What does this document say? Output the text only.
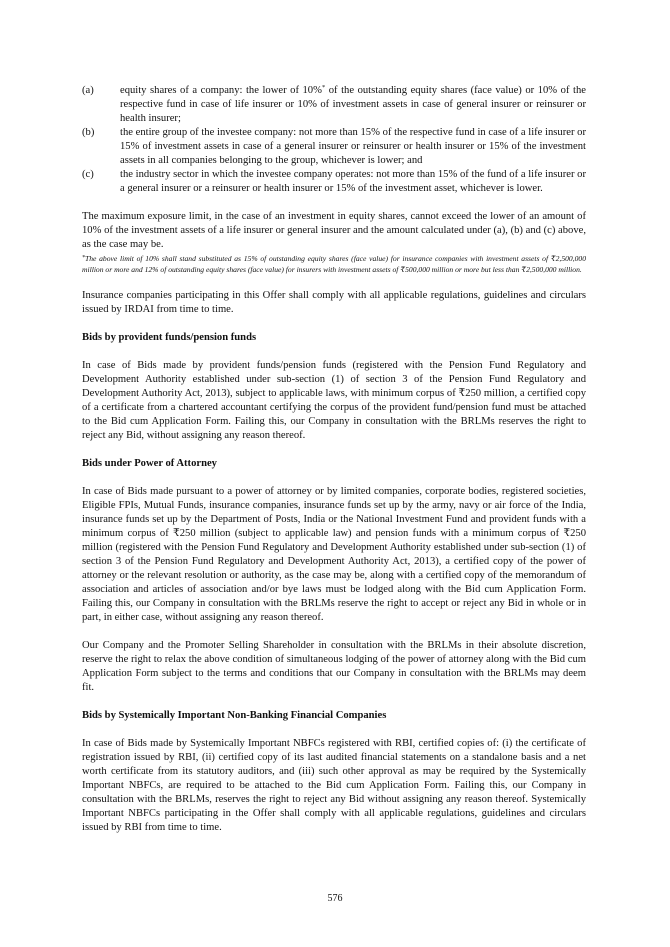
(a)	equity shares of a company: the lower of 10%* of the outstanding equity shares (face value) or 10% of the respective fund in case of life insurer or 10% of investment assets in case of general insurer or reinsurer or health insurer;
(b)	the entire group of the investee company: not more than 15% of the respective fund in case of a life insurer or 15% of investment assets in case of a general insurer or reinsurer or health insurer or 15% of the investment assets in all companies belonging to the group, whichever is lower; and
(c)	the industry sector in which the investee company operates: not more than 15% of the fund of a life insurer or a general insurer or a reinsurer or health insurer or 15% of the investment asset, whichever is lower.

The maximum exposure limit, in the case of an investment in equity shares, cannot exceed the lower of an amount of 10% of the investment assets of a life insurer or general insurer and the amount calculated under (a), (b) and (c) above, as the case may be.

*The above limit of 10% shall stand substituted as 15% of outstanding equity shares (face value) for insurance companies with investment assets of ₹2,500,000 million or more and 12% of outstanding equity shares (face value) for insurers with investment assets of ₹500,000 million or more but less than ₹2,500,000 million.

Insurance companies participating in this Offer shall comply with all applicable regulations, guidelines and circulars issued by IRDAI from time to time.

Bids by provident funds/pension funds

In case of Bids made by provident funds/pension funds (registered with the Pension Fund Regulatory and Development Authority established under sub-section (1) of section 3 of the Pension Fund Regulatory and Development Authority Act, 2013), subject to applicable laws, with minimum corpus of ₹250 million, a certified copy of a certificate from a chartered accountant certifying the corpus of the provident fund/pension fund must be attached to the Bid cum Application Form. Failing this, our Company in consultation with the BRLMs reserves the right to reject any Bid, without assigning any reason thereof.

Bids under Power of Attorney

In case of Bids made pursuant to a power of attorney or by limited companies, corporate bodies, registered societies, Eligible FPIs, Mutual Funds, insurance companies, insurance funds set up by the army, navy or air force of the India, insurance funds set up by the Department of Posts, India or the National Investment Fund and provident funds with a minimum corpus of ₹250 million (subject to applicable law) and pension funds with a minimum corpus of ₹250 million (registered with the Pension Fund Regulatory and Development Authority established under sub-section (1) of section 3 of the Pension Fund Regulatory and Development Authority Act, 2013), a certified copy of the power of attorney or the relevant resolution or authority, as the case may be, along with a certified copy of the memorandum of association and articles of association and/or bye laws must be lodged along with the Bid cum Application Form. Failing this, our Company in consultation with the BRLMs reserve the right to accept or reject any Bid in whole or in part, in either case, without assigning any reason thereof.

Our Company and the Promoter Selling Shareholder in consultation with the BRLMs in their absolute discretion, reserve the right to relax the above condition of simultaneous lodging of the power of attorney along with the Bid cum Application Form subject to the terms and conditions that our Company in consultation with the BRLMs may deem fit.

Bids by Systemically Important Non-Banking Financial Companies

In case of Bids made by Systemically Important NBFCs registered with RBI, certified copies of: (i) the certificate of registration issued by RBI, (ii) certified copy of its last audited financial statements on a standalone basis and a net worth certificate from its statutory auditors, and (iii) such other approval as may be required by the Systemically Important NBFCs, are required to be attached to the Bid cum Application Form. Failing this, our Company in consultation with the BRLMs, reserves the right to reject any Bid without assigning any reason thereof. Systemically Important NBFCs participating in the Offer shall comply with all applicable regulations, guidelines and circulars issued by RBI from time to time.

576
